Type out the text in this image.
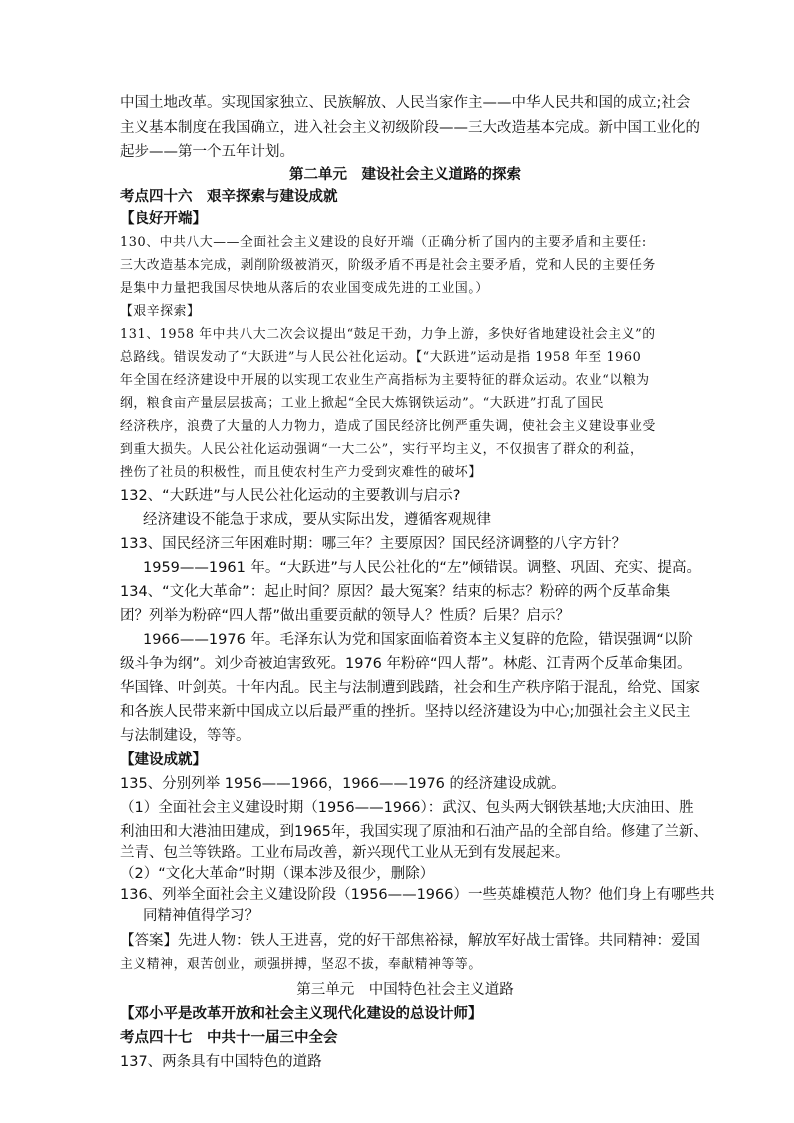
中国土地改革。实现国家独立、民族解放、人民当家作主——中华人民共和国的成立;社会
主义基本制度在我国确立，进入社会主义初级阶段——三大改造基本完成。新中国工业化的
起步——第一个五年计划。
第二单元　建设社会主义道路的探索
考点四十六　艰辛探索与建设成就
【良好开端】
130、中共八大——全面社会主义建设的良好开端（正确分析了国内的主要矛盾和主要任:
三大改造基本完成，剥削阶级被消灭，阶级矛盾不再是社会主要矛盾，党和人民的主要任务
是集中力量把我国尽快地从落后的农业国变成先进的工业国。）
【艰辛探索】
131、1958 年中共八大二次会议提出“鼓足干劲，力争上游，多快好省地建设社会主义”的
总路线。错误发动了“大跃进”与人民公社化运动。【“大跃进”运动是指 1958 年至 1960
年全国在经济建设中开展的以实现工农业生产高指标为主要特征的群众运动。农业“以粮为
纲，粮食亩产量层层拔高；工业上掀起“全民大炼钢铁运动”。“大跃进”打乱了国民
经济秩序，浪费了大量的人力物力，造成了国民经济比例严重失调，使社会主义建设事业受
到重大损失。人民公社化运动强调“一大二公”，实行平均主义，不仅损害了群众的利益，
挫伤了社员的积极性，而且使农村生产力受到灾难性的破坏】
132、“大跃进”与人民公社化运动的主要教训与启示?
经济建设不能急于求成，要从实际出发，遵循客观规律
133、国民经济三年困难时期：哪三年？主要原因？国民经济调整的八字方针？
1959——1961 年。“大跃进”与人民公社化的“左”倾错误。调整、巩固、充实、提高。
134、“文化大革命”：起止时间？原因？最大冤案？结束的标志？粉碎的两个反革命集
团？列举为粉碎“四人帮”做出重要贡献的领导人？性质？后果？启示？
1966——1976 年。毛泽东认为党和国家面临着资本主义复辟的危险，错误强调“以阶
级斗争为纲”。刘少奇被迫害致死。1976 年粉碎“四人帮”。林彪、江青两个反革命集团。
华国锋、叶剑英。十年内乱。民主与法制遭到践踏，社会和生产秩序陷于混乱，给党、国家
和各族人民带来新中国成立以后最严重的挫折。坚持以经济建设为中心;加强社会主义民主
与法制建设，等等。
【建设成就】
135、分别列举 1956——1966，1966——1976 的经济建设成就。
（1）全面社会主义建设时期（1956——1966）：武汉、包头两大钢铁基地;大庆油田、胜
利油田和大港油田建成，到1965年，我国实现了原油和石油产品的全部自给。修建了兰新、
兰青、包兰等铁路。工业布局改善，新兴现代工业从无到有发展起来。
（2）“文化大革命”时期（课本涉及很少，删除）
136、列举全面社会主义建设阶段（1956——1966）一些英雄模范人物？他们身上有哪些共
同精神值得学习？
【答案】先进人物：铁人王进喜，党的好干部焦裕禄，解放军好战士雷锋。共同精神：爱国
主义精神，艰苦创业，顽强拼搏，坚忍不拔，奉献精神等等。
第三单元　中国特色社会主义道路
【邓小平是改革开放和社会主义现代化建设的总设计师】
考点四十七　中共十一届三中全会
137、两条具有中国特色的道路
